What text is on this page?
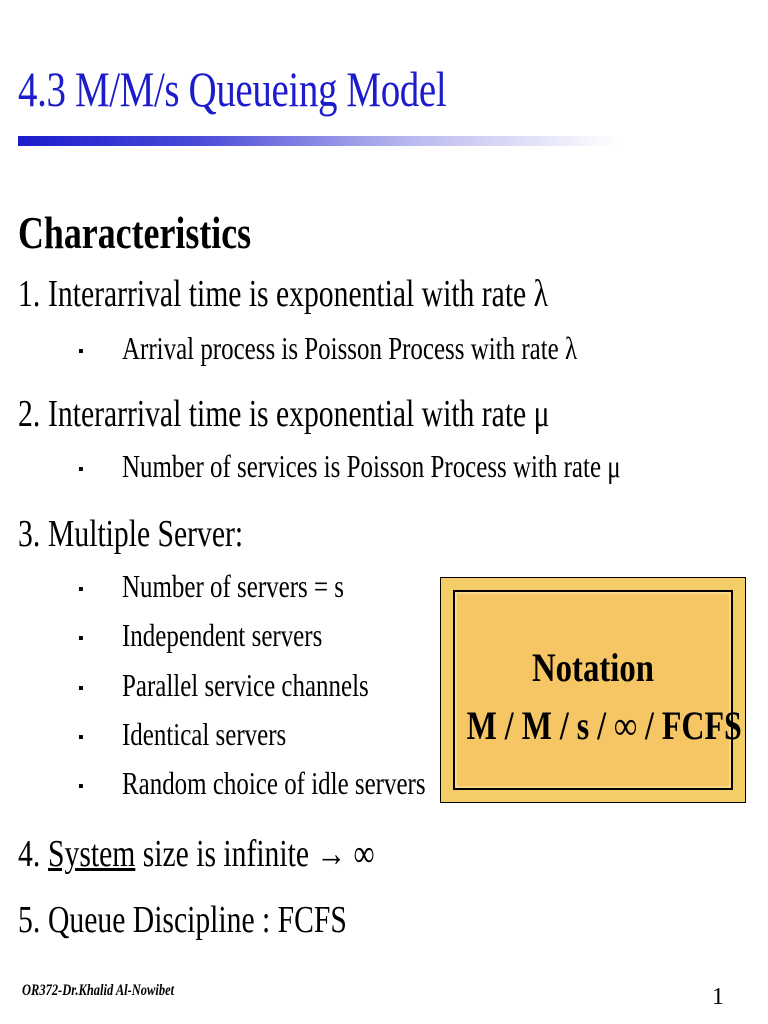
4.3 M/M/s Queueing Model
Characteristics
1. Interarrival time is exponential with rate λ
▪ Arrival process is Poisson Process with rate λ
2. Interarrival time is exponential with rate μ
▪ Number of services is Poisson Process with rate μ
3. Multiple Server:
▪ Number of servers = s
▪ Independent servers
▪ Parallel service channels
▪ Identical servers
▪ Random choice of idle servers
4. System size is infinite → ∞
5. Queue Discipline : FCFS
Notation
M / M / s / ∞ / FCFS
OR372-Dr.Khalid Al-Nowibet	1
